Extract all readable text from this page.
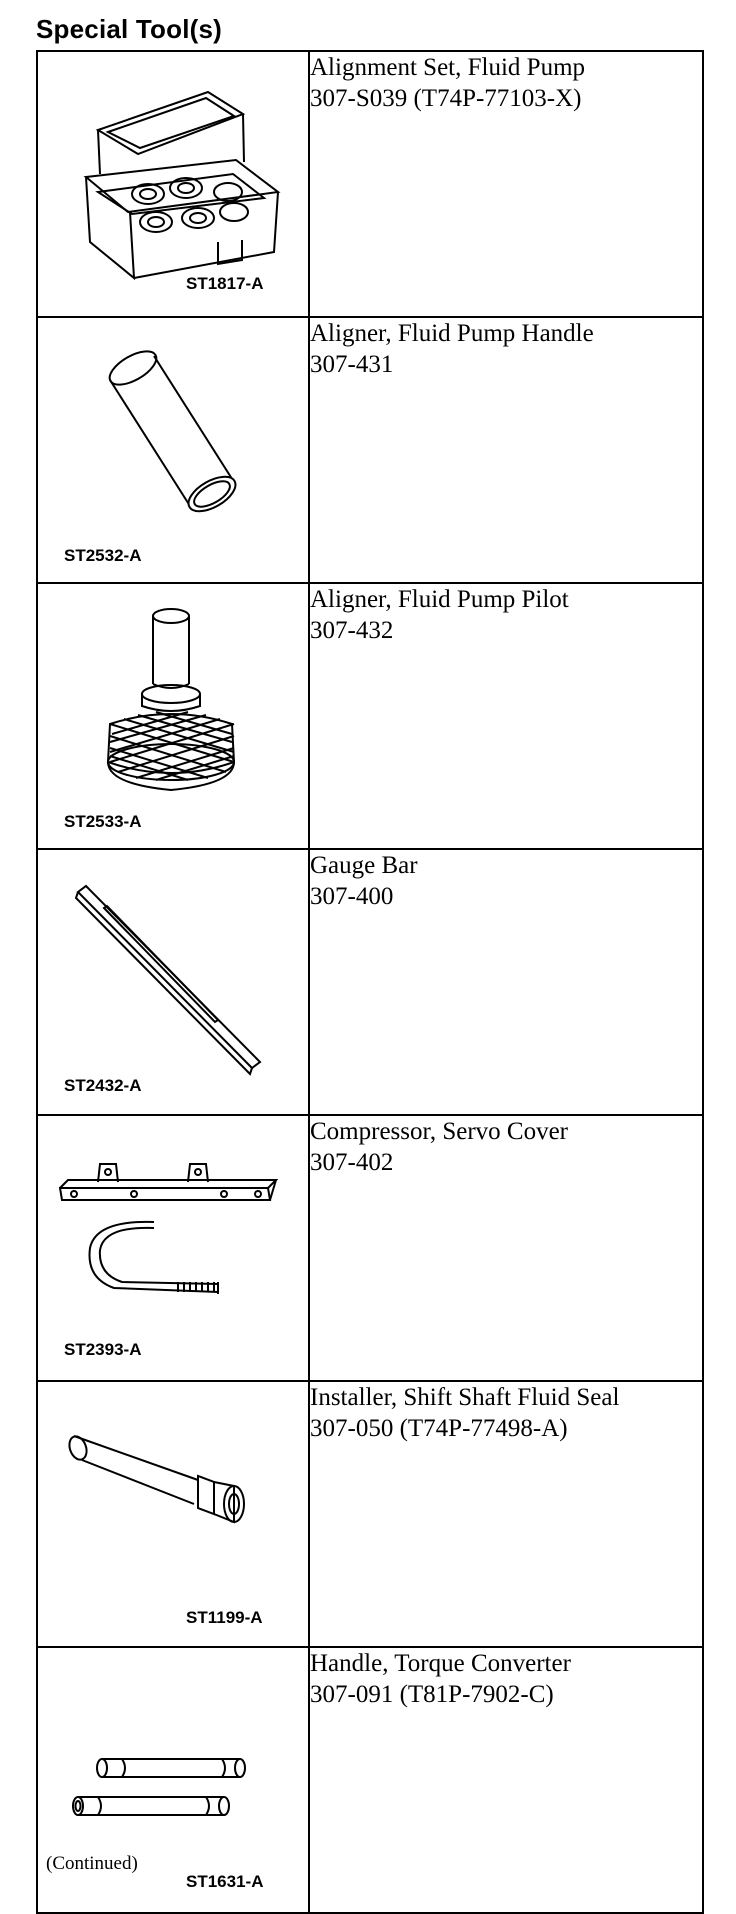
Special Tool(s)
ST1817-A	Alignment Set, Fluid Pump
307-S039 (T74P-77103-X)

ST2532-A	Aligner, Fluid Pump Handle
307-431

ST2533-A	Aligner, Fluid Pump Pilot
307-432

ST2432-A	Gauge Bar
307-400

ST2393-A	Compressor, Servo Cover
307-402

ST1199-A	Installer, Shift Shaft Fluid Seal
307-050 (T74P-77498-A)

ST1631-A	Handle, Torque Converter
307-091 (T81P-7902-C)
(Continued)
